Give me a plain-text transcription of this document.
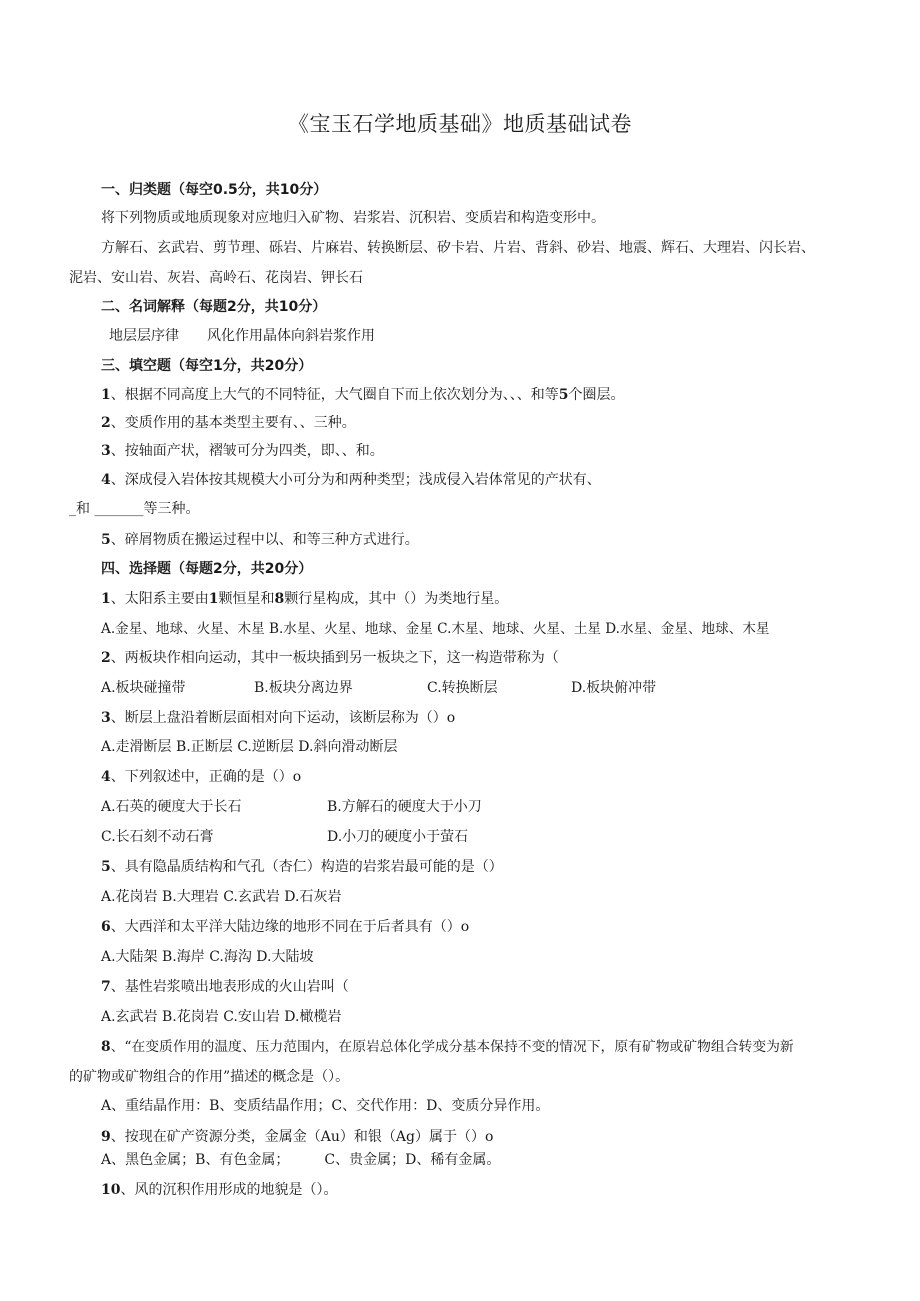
《宝玉石学地质基础》地质基础试卷
一、归类题（每空0.5分，共10分）
将下列物质或地质现象对应地归入矿物、岩浆岩、沉积岩、变质岩和构造变形中。
方解石、玄武岩、剪节理、砾岩、片麻岩、转换断层、矽卡岩、片岩、背斜、砂岩、地震、辉石、大理岩、闪长岩、
泥岩、安山岩、灰岩、高岭石、花岗岩、钾长石
二、名词解释（每题2分，共10分）
地层层序律　　风化作用晶体向斜岩浆作用
三、填空题（每空1分，共20分）
1、根据不同高度上大气的不同特征，大气圈自下而上依次划分为、、、和等5个圈层。
2、变质作用的基本类型主要有、、三种。
3、按轴面产状，褶皱可分为四类，即、、和。
4、深成侵入岩体按其规模大小可分为和两种类型；浅成侵入岩体常见的产状有、
_和 _______等三种。
5、碎屑物质在搬运过程中以、和等三种方式进行。
四、选择题（每题2分，共20分）
1、太阳系主要由1颗恒星和8颗行星构成，其中（）为类地行星。
A.金星、地球、火星、木星 B.水星、火星、地球、金星 C.木星、地球、火星、土星 D.水星、金星、地球、木星
2、两板块作相向运动，其中一板块插到另一板块之下，这一构造带称为（
A.板块碰撞带	B.板块分离边界	C.转换断层	D.板块俯冲带
3、断层上盘沿着断层面相对向下运动，该断层称为（）o
A.走滑断层 B.正断层 C.逆断层 D.斜向滑动断层
4、下列叙述中，正确的是（）o
A.石英的硬度大于长石	B.方解石的硬度大于小刀
C.长石刻不动石膏	D.小刀的硬度小于萤石
5、具有隐晶质结构和气孔（杏仁）构造的岩浆岩最可能的是（）
A.花岗岩 B.大理岩 C.玄武岩 D.石灰岩
6、大西洋和太平洋大陆边缘的地形不同在于后者具有（）o
A.大陆架 B.海岸 C.海沟 D.大陆坡
7、基性岩浆喷出地表形成的火山岩叫（
A.玄武岩 B.花岗岩 C.安山岩 D.橄榄岩
8、“在变质作用的温度、压力范围内，在原岩总体化学成分基本保持不变的情况下，原有矿物或矿物组合转变为新
的矿物或矿物组合的作用”描述的概念是（）。
A、重结晶作用：B、变质结晶作用；C、交代作用：D、变质分异作用。
9、按现在矿产资源分类，金属金（Au）和银（Ag）属于（）o
A、黑色金属；B、有色金属；　　　C、贵金属；D、稀有金属。
10、风的沉积作用形成的地貌是（）。
